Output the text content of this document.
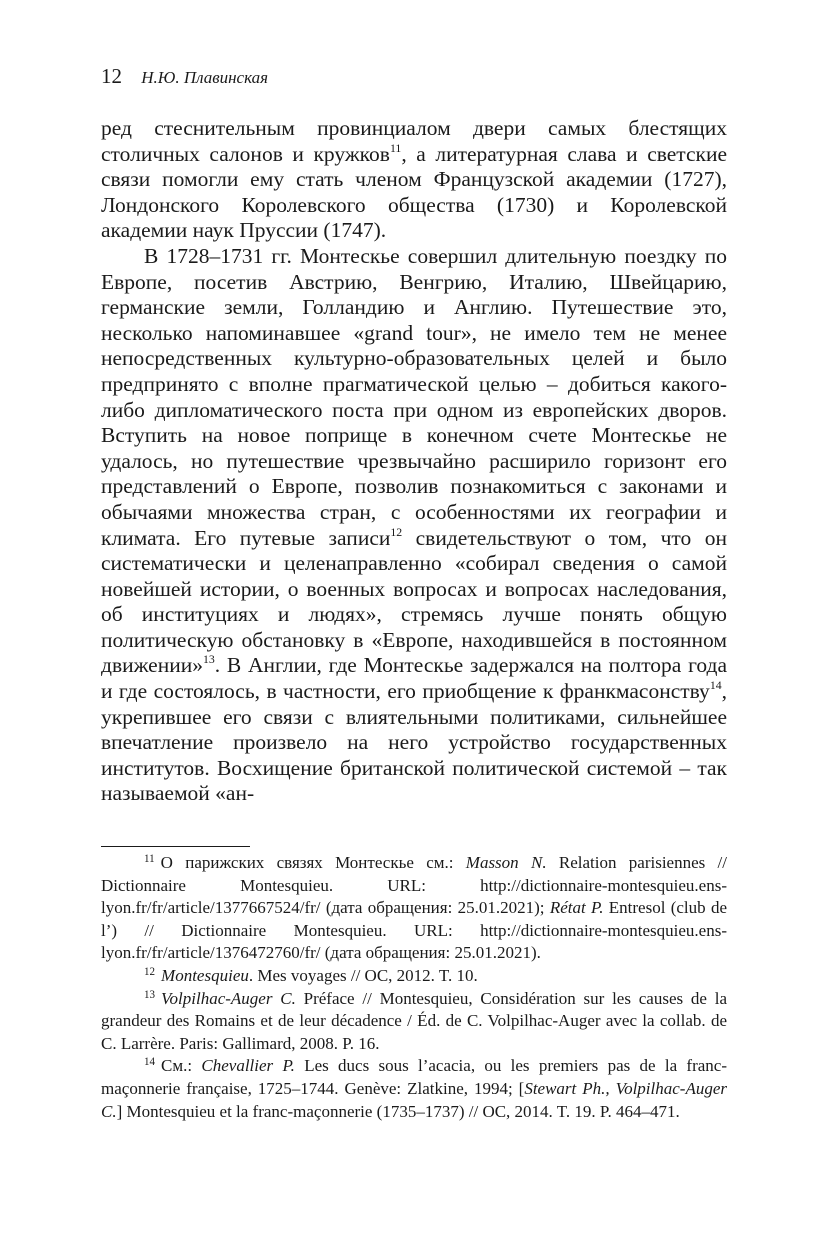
12 Н.Ю. Плавинская

ред стеснительным провинциалом двери самых блестящих столичных салонов и кружков$^{11}$, а литературная слава и светские связи помогли ему стать членом Французской академии (1727), Лондонского Королевского общества (1730) и Королевской академии наук Пруссии (1747).

В 1728–1731 гг. Монтескье совершил длительную поездку по Европе, посетив Австрию, Венгрию, Италию, Швейцарию, германские земли, Голландию и Англию. Путешествие это, несколько напоминавшее «grand tour», не имело тем не менее непосредственных культурно-образовательных целей и было предпринято с вполне прагматической целью – добиться какого-либо дипломатического поста при одном из европейских дворов. Вступить на новое поприще в конечном счете Монтескье не удалось, но путешествие чрезвычайно расширило горизонт его представлений о Европе, позволив познакомиться с законами и обычаями множества стран, с особенностями их географии и климата. Его путевые записи$^{12}$ свидетельствуют о том, что он систематически и целенаправленно «собирал сведения о самой новейшей истории, о военных вопросах и вопросах наследования, об институциях и людях», стремясь лучше понять общую политическую обстановку в «Европе, находившейся в постоянном движении»$^{13}$. В Англии, где Монтескье задержался на полтора года и где состоялось, в частности, его приобщение к франкмасонству$^{14}$, укрепившее его связи с влиятельными политиками, сильнейшее впечатление произвело на него устройство государственных институтов. Восхищение британской политической системой – так называемой «ан-

$^{11}$ О парижских связях Монтескье см.: Masson N. Relation parisiennes // Dictionnaire Montesquieu. URL: http://dictionnaire-montesquieu.ens-lyon.fr/fr/article/1377667524/fr/ (дата обращения: 25.01.2021); Rétat P. Entresol (club de l’) // Dictionnaire Montesquieu. URL: http://dictionnaire-montesquieu.ens-lyon.fr/fr/article/1376472760/fr/ (дата обращения: 25.01.2021).

$^{12}$ Montesquieu. Mes voyages // OC, 2012. T. 10.

$^{13}$ Volpilhac-Auger C. Préface // Montesquieu, Considération sur les causes de la grandeur des Romains et de leur décadence / Éd. de C. Volpilhac-Auger avec la collab. de C. Larrère. Paris: Gallimard, 2008. P. 16.

$^{14}$ См.: Chevallier P. Les ducs sous l’acacia, ou les premiers pas de la franc-maçonnerie française, 1725–1744. Genève: Zlatkine, 1994; [Stewart Ph., Volpilhac-Auger C.] Montesquieu et la franc-maçonnerie (1735–1737) // OC, 2014. T. 19. P. 464–471.
